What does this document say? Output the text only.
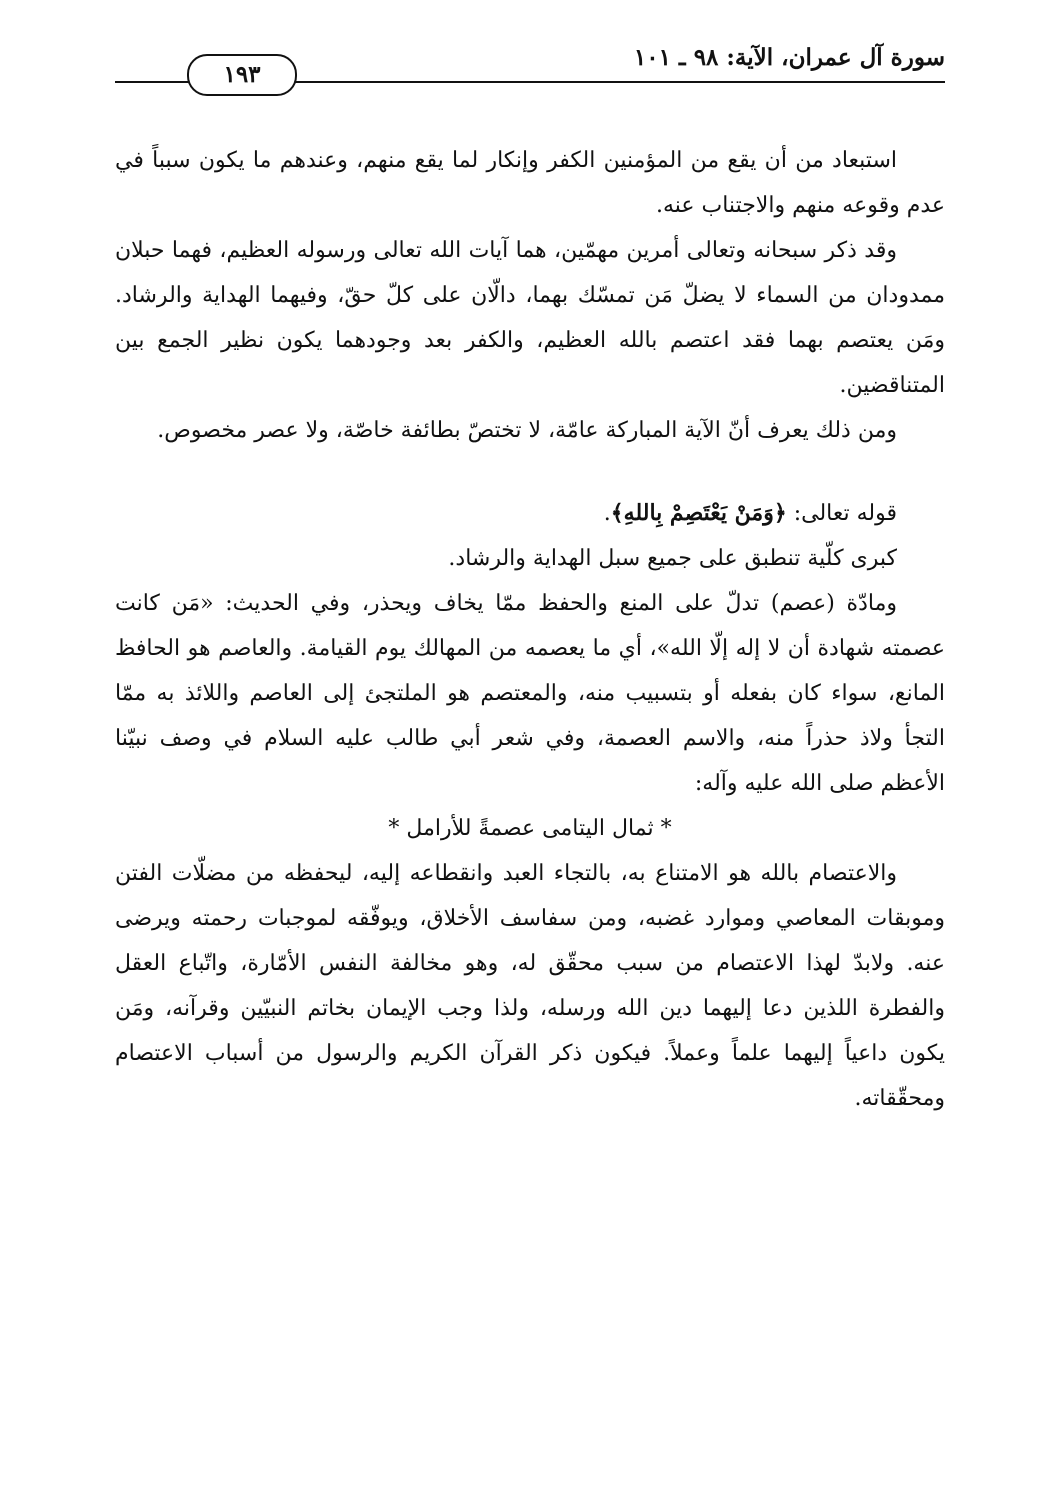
سورة آل عمران، الآية: ٩٨ ـ ١٠١
١٩٣

استبعاد من أن يقع من المؤمنين الكفر وإنكار لما يقع منهم، وعندهم ما يكون سبباً في عدم وقوعه منهم والاجتناب عنه.

وقد ذكر سبحانه وتعالى أمرين مهمّين، هما آيات الله تعالى ورسوله العظيم، فهما حبلان ممدودان من السماء لا يضلّ مَن تمسّك بهما، دالّان على كلّ حقّ، وفيهما الهداية والرشاد. ومَن يعتصم بهما فقد اعتصم بالله العظيم، والكفر بعد وجودهما يكون نظير الجمع بين المتناقضين.

ومن ذلك يعرف أنّ الآية المباركة عامّة، لا تختصّ بطائفة خاصّة، ولا عصر مخصوص.

قوله تعالى: ﴿وَمَنْ يَعْتَصِمْ بِاللهِ﴾.

كبرى كلّية تنطبق على جميع سبل الهداية والرشاد.

ومادّة (عصم) تدلّ على المنع والحفظ ممّا يخاف ويحذر، وفي الحديث: «مَن كانت عصمته شهادة أن لا إله إلّا الله»، أي ما يعصمه من المهالك يوم القيامة. والعاصم هو الحافظ المانع، سواء كان بفعله أو بتسبيب منه، والمعتصم هو الملتجئ إلى العاصم واللائذ به ممّا التجأ ولاذ حذراً منه، والاسم العصمة، وفي شعر أبي طالب عليه السلام في وصف نبيّنا الأعظم صلى الله عليه وآله:

* ثمال اليتامى عصمةً للأرامل *

والاعتصام بالله هو الامتناع به، بالتجاء العبد وانقطاعه إليه، ليحفظه من مضلّات الفتن وموبقات المعاصي وموارد غضبه، ومن سفاسف الأخلاق، ويوفّقه لموجبات رحمته ويرضى عنه. ولابدّ لهذا الاعتصام من سبب محقّق له، وهو مخالفة النفس الأمّارة، واتّباع العقل والفطرة اللذين دعا إليهما دين الله ورسله، ولذا وجب الإيمان بخاتم النبيّين وقرآنه، ومَن يكون داعياً إليهما علماً وعملاً. فيكون ذكر القرآن الكريم والرسول من أسباب الاعتصام ومحقّقاته.
